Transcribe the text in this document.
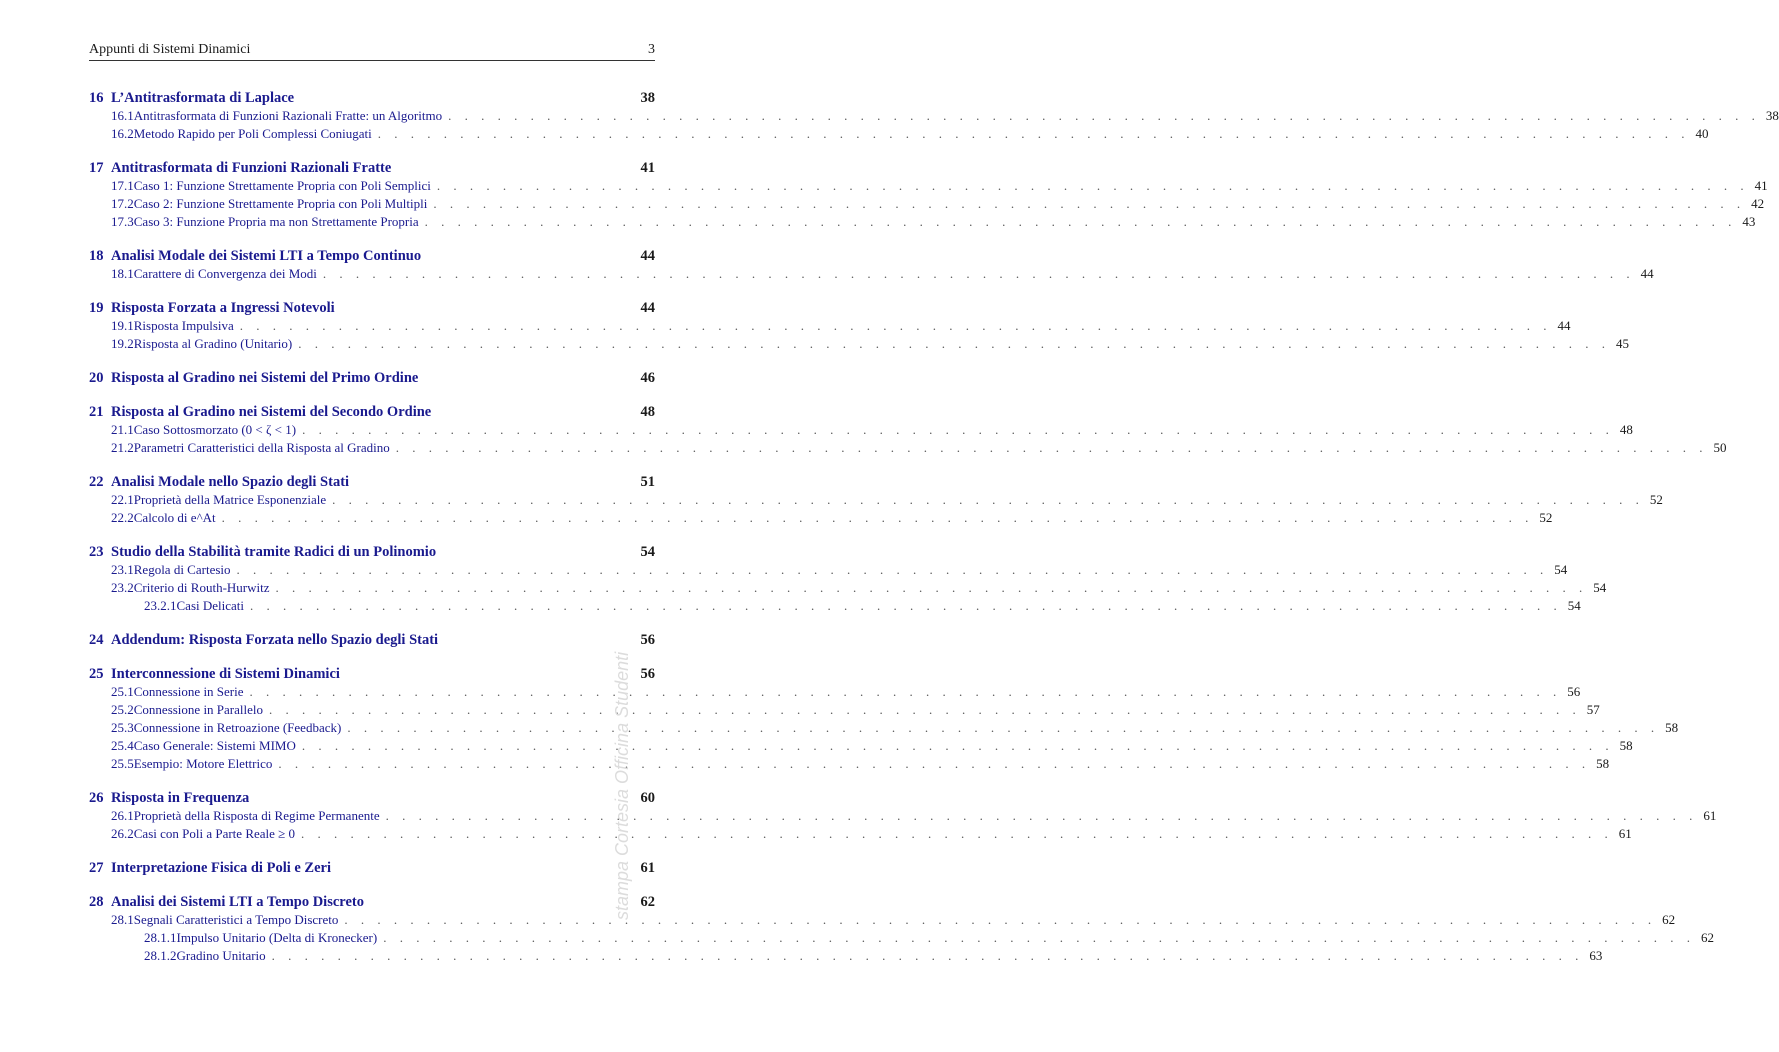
Appunti di Sistemi Dinamici	3
16 L’Antitrasformata di Laplace	38
16.1 Antitrasformata di Funzioni Razionali Fratte: un Algoritmo . . . . . . . . . . . . . . . . . . . . . . . . . . . . . . . . . . . . . . . . . . . . . . . . . . . . . . . . . . . . . . . . . . . . . . . . . . . . . . . . 38
16.2 Metodo Rapido per Poli Complessi Coniugati . . . . . . . . . . . . . . . . . . . . . . . . . . . . . . . . . . . . . . . . . . . . . . . . . . . . . . . . . . . . . . . . . . . . . . . . . . . . . . . . 40
17 Antitrasformata di Funzioni Razionali Fratte	41
17.1 Caso 1: Funzione Strettamente Propria con Poli Semplici . . . . . . . . . . . . . . . . . . . . . . . . . . . . . . . . . . . . . . . . . . . . . . . . . . . . . . . . . . . . . . . . . . . . . . . . . . . . . . . . 41
17.2 Caso 2: Funzione Strettamente Propria con Poli Multipli . . . . . . . . . . . . . . . . . . . . . . . . . . . . . . . . . . . . . . . . . . . . . . . . . . . . . . . . . . . . . . . . . . . . . . . . . . . . . . . . 42
17.3 Caso 3: Funzione Propria ma non Strettamente Propria . . . . . . . . . . . . . . . . . . . . . . . . . . . . . . . . . . . . . . . . . . . . . . . . . . . . . . . . . . . . . . . . . . . . . . . . . . . . . . . . 43
18 Analisi Modale dei Sistemi LTI a Tempo Continuo	44
18.1 Carattere di Convergenza dei Modi . . . . . . . . . . . . . . . . . . . . . . . . . . . . . . . . . . . . . . . . . . . . . . . . . . . . . . . . . . . . . . . . . . . . . . . . . . . . . . . . 44
19 Risposta Forzata a Ingressi Notevoli	44
19.1 Risposta Impulsiva . . . . . . . . . . . . . . . . . . . . . . . . . . . . . . . . . . . . . . . . . . . . . . . . . . . . . . . . . . . . . . . . . . . . . . . . . . . . . . . . 44
19.2 Risposta al Gradino (Unitario) . . . . . . . . . . . . . . . . . . . . . . . . . . . . . . . . . . . . . . . . . . . . . . . . . . . . . . . . . . . . . . . . . . . . . . . . . . . . . . . . 45
20 Risposta al Gradino nei Sistemi del Primo Ordine	46
21 Risposta al Gradino nei Sistemi del Secondo Ordine	48
21.1 Caso Sottosmorzato (0 < ζ < 1) . . . . . . . . . . . . . . . . . . . . . . . . . . . . . . . . . . . . . . . . . . . . . . . . . . . . . . . . . . . . . . . . . . . . . . . . . . . . . . . . 48
21.2 Parametri Caratteristici della Risposta al Gradino . . . . . . . . . . . . . . . . . . . . . . . . . . . . . . . . . . . . . . . . . . . . . . . . . . . . . . . . . . . . . . . . . . . . . . . . . . . . . . . . 50
22 Analisi Modale nello Spazio degli Stati	51
22.1 Proprietà della Matrice Esponenziale . . . . . . . . . . . . . . . . . . . . . . . . . . . . . . . . . . . . . . . . . . . . . . . . . . . . . . . . . . . . . . . . . . . . . . . . . . . . . . . . 52
22.2 Calcolo di e^At . . . . . . . . . . . . . . . . . . . . . . . . . . . . . . . . . . . . . . . . . . . . . . . . . . . . . . . . . . . . . . . . . . . . . . . . . . . . . . . . 52
23 Studio della Stabilità tramite Radici di un Polinomio	54
23.1 Regola di Cartesio . . . . . . . . . . . . . . . . . . . . . . . . . . . . . . . . . . . . . . . . . . . . . . . . . . . . . . . . . . . . . . . . . . . . . . . . . . . . . . . . 54
23.2 Criterio di Routh-Hurwitz . . . . . . . . . . . . . . . . . . . . . . . . . . . . . . . . . . . . . . . . . . . . . . . . . . . . . . . . . . . . . . . . . . . . . . . . . . . . . . . . 54
23.2.1 Casi Delicati . . . . . . . . . . . . . . . . . . . . . . . . . . . . . . . . . . . . . . . . . . . . . . . . . . . . . . . . . . . . . . . . . . . . . . . . . . . . . . . . 54
24 Addendum: Risposta Forzata nello Spazio degli Stati	56
25 Interconnessione di Sistemi Dinamici	56
25.1 Connessione in Serie . . . . . . . . . . . . . . . . . . . . . . . . . . . . . . . . . . . . . . . . . . . . . . . . . . . . . . . . . . . . . . . . . . . . . . . . . . . . . . . . 56
25.2 Connessione in Parallelo . . . . . . . . . . . . . . . . . . . . . . . . . . . . . . . . . . . . . . . . . . . . . . . . . . . . . . . . . . . . . . . . . . . . . . . . . . . . . . . . 57
25.3 Connessione in Retroazione (Feedback) . . . . . . . . . . . . . . . . . . . . . . . . . . . . . . . . . . . . . . . . . . . . . . . . . . . . . . . . . . . . . . . . . . . . . . . . . . . . . . . . 58
25.4 Caso Generale: Sistemi MIMO . . . . . . . . . . . . . . . . . . . . . . . . . . . . . . . . . . . . . . . . . . . . . . . . . . . . . . . . . . . . . . . . . . . . . . . . . . . . . . . . 58
25.5 Esempio: Motore Elettrico . . . . . . . . . . . . . . . . . . . . . . . . . . . . . . . . . . . . . . . . . . . . . . . . . . . . . . . . . . . . . . . . . . . . . . . . . . . . . . . . 58
26 Risposta in Frequenza	60
26.1 Proprietà della Risposta di Regime Permanente . . . . . . . . . . . . . . . . . . . . . . . . . . . . . . . . . . . . . . . . . . . . . . . . . . . . . . . . . . . . . . . . . . . . . . . . . . . . . . . . 61
26.2 Casi con Poli a Parte Reale ≥ 0 . . . . . . . . . . . . . . . . . . . . . . . . . . . . . . . . . . . . . . . . . . . . . . . . . . . . . . . . . . . . . . . . . . . . . . . . . . . . . . . . 61
27 Interpretazione Fisica di Poli e Zeri	61
28 Analisi dei Sistemi LTI a Tempo Discreto	62
28.1 Segnali Caratteristici a Tempo Discreto . . . . . . . . . . . . . . . . . . . . . . . . . . . . . . . . . . . . . . . . . . . . . . . . . . . . . . . . . . . . . . . . . . . . . . . . . . . . . . . . 62
28.1.1 Impulso Unitario (Delta di Kronecker) . . . . . . . . . . . . . . . . . . . . . . . . . . . . . . . . . . . . . . . . . . . . . . . . . . . . . . . . . . . . . . . . . . . . . . . . . . . . . . . . 62
28.1.2 Gradino Unitario . . . . . . . . . . . . . . . . . . . . . . . . . . . . . . . . . . . . . . . . . . . . . . . . . . . . . . . . . . . . . . . . . . . . . . . . . . . . . . . . 63
stampa Cortesia Officina Studenti
